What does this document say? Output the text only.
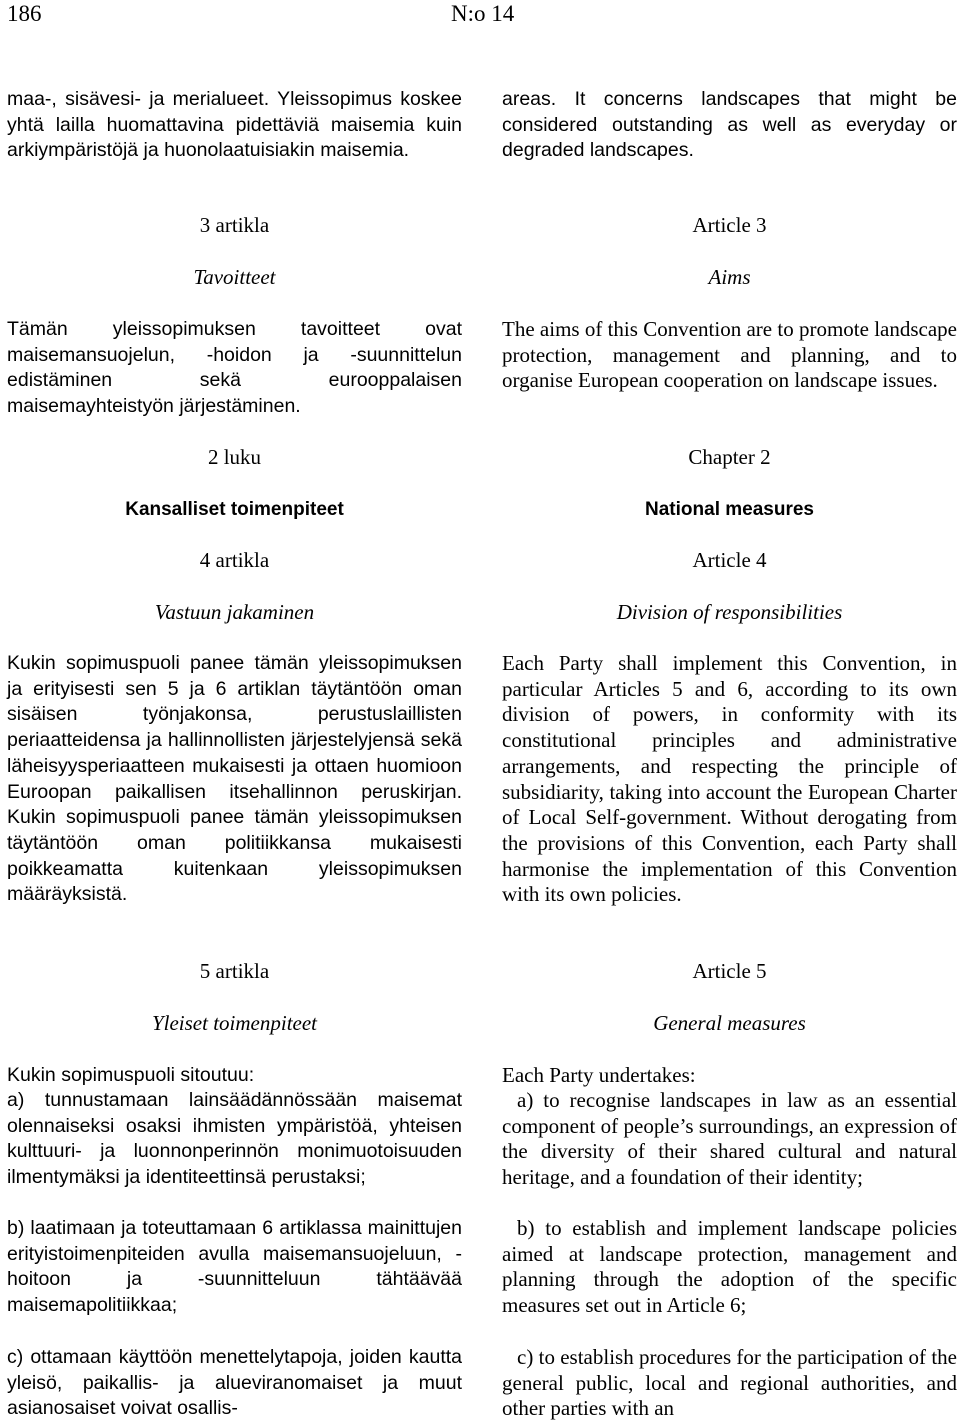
186	N:o 14

maa-, sisävesi- ja merialueet. Yleissopimus koskee yhtä lailla huomattavina pidettäviä maisemia kuin arkiympäristöjä ja huonolaatuisiakin maisemia.

3 artikla
Tavoitteet

Tämän yleissopimuksen tavoitteet ovat maisemansuojelun, -hoidon ja -suunnittelun edistäminen sekä eurooppalaisen maisemayhteistyön järjestäminen.

2 luku
Kansalliset toimenpiteet
4 artikla
Vastuun jakaminen

Kukin sopimuspuoli panee tämän yleissopimuksen ja erityisesti sen 5 ja 6 artiklan täytäntöön oman sisäisen työnjakonsa, perustuslaillisten periaatteidensa ja hallinnollisten järjestelyjensä sekä läheisyysperiaatteen mukaisesti ja ottaen huomioon Euroopan paikallisen itsehallinnon peruskirjan. Kukin sopimuspuoli panee tämän yleissopimuksen täytäntöön oman politiikkansa mukaisesti poikkeamatta kuitenkaan yleissopimuksen määräyksistä.

5 artikla
Yleiset toimenpiteet

Kukin sopimuspuoli sitoutuu:

a) tunnustamaan lainsäädännössään maisemat olennaiseksi osaksi ihmisten ympäristöä, yhteisen kulttuuri- ja luonnonperinnön monimuotoisuuden ilmentymäksi ja identiteettinsä perustaksi;

b) laatimaan ja toteuttamaan 6 artiklassa mainittujen erityistoimenpiteiden avulla maisemansuojeluun, -hoitoon ja -suunnitteluun tähtäävää maisemapolitiikkaa;

c) ottamaan käyttöön menettelytapoja, joiden kautta yleisö, paikallis- ja alueviranomaiset ja muut asianosaiset voivat osallis-

areas. It concerns landscapes that might be considered outstanding as well as everyday or degraded landscapes.

Article 3
Aims

The aims of this Convention are to promote landscape protection, management and planning, and to organise European cooperation on landscape issues.

Chapter 2
National measures
Article 4
Division of responsibilities

Each Party shall implement this Convention, in particular Articles 5 and 6, according to its own division of powers, in conformity with its constitutional principles and administrative arrangements, and respecting the principle of subsidiarity, taking into account the European Charter of Local Self-government. Without derogating from the provisions of this Convention, each Party shall harmonise the implementation of this Convention with its own policies.

Article 5
General measures

Each Party undertakes:

a) to recognise landscapes in law as an essential component of people’s surroundings, an expression of the diversity of their shared cultural and natural heritage, and a foundation of their identity;

b) to establish and implement landscape policies aimed at landscape protection, management and planning through the adoption of the specific measures set out in Article 6;

c) to establish procedures for the participation of the general public, local and regional authorities, and other parties with an
